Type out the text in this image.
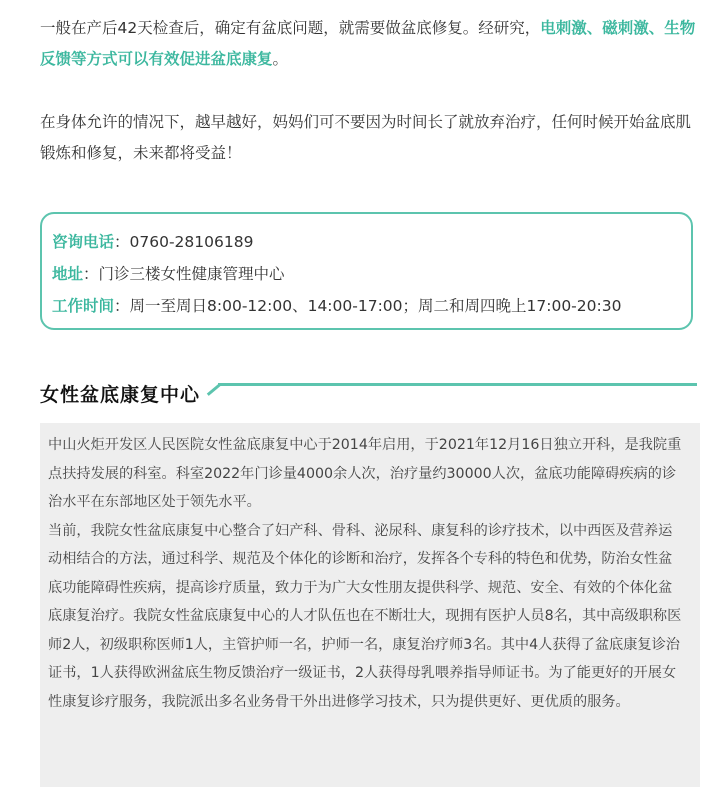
一般在产后42天检查后，确定有盆底问题，就需要做盆底修复。经研究，电刺激、磁刺激、生物反馈等方式可以有效促进盆底康复。

在身体允许的情况下，越早越好，妈妈们可不要因为时间长了就放弃治疗，任何时候开始盆底肌锻炼和修复，未来都将受益！

咨询电话：0760-28106189
地址：门诊三楼女性健康管理中心
工作时间：周一至周日8:00-12:00、14:00-17:00；周二和周四晚上17:00-20:30
女性盆底康复中心

中山火炬开发区人民医院女性盆底康复中心于2014年启用，于2021年12月16日独立开科，是我院重点扶持发展的科室。科室2022年门诊量4000余人次，治疗量约30000人次，盆底功能障碍疾病的诊治水平在东部地区处于领先水平。

当前，我院女性盆底康复中心整合了妇产科、骨科、泌尿科、康复科的诊疗技术，以中西医及营养运动相结合的方法，通过科学、规范及个体化的诊断和治疗，发挥各个专科的特色和优势，防治女性盆底功能障碍性疾病，提高诊疗质量，致力于为广大女性朋友提供科学、规范、安全、有效的个体化盆底康复治疗。我院女性盆底康复中心的人才队伍也在不断壮大，现拥有医护人员8名，其中高级职称医师2人，初级职称医师1人，主管护师一名，护师一名，康复治疗师3名。其中4人获得了盆底康复诊治证书，1人获得欧洲盆底生物反馈治疗一级证书，2人获得母乳喂养指导师证书。为了能更好的开展女性康复诊疗服务，我院派出多名业务骨干外出进修学习技术，只为提供更好、更优质的服务。
